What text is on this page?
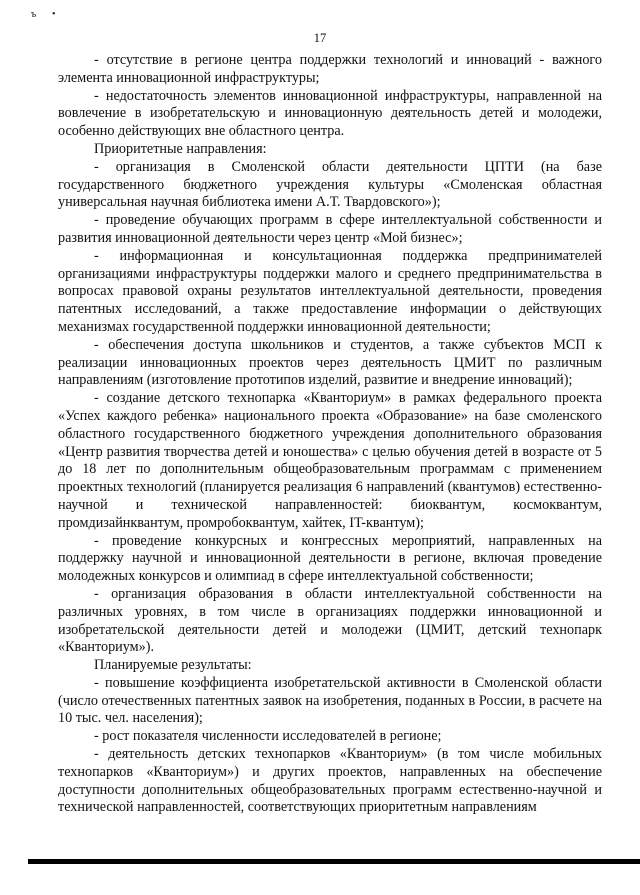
ъ •
17

- отсутствие в регионе центра поддержки технологий и инноваций - важного элемента инновационной инфраструктуры;

- недостаточность элементов инновационной инфраструктуры, направленной на вовлечение в изобретательскую и инновационную деятельность детей и молодежи, особенно действующих вне областного центра.

Приоритетные направления:

- организация в Смоленской области деятельности ЦПТИ (на базе государственного бюджетного учреждения культуры «Смоленская областная универсальная научная библиотека имени А.Т. Твардовского»);

- проведение обучающих программ в сфере интеллектуальной собственности и развития инновационной деятельности через центр «Мой бизнес»;

- информационная и консультационная поддержка предпринимателей организациями инфраструктуры поддержки малого и среднего предпринимательства в вопросах правовой охраны результатов интеллектуальной деятельности, проведения патентных исследований, а также предоставление информации о действующих механизмах государственной поддержки инновационной деятельности;

- обеспечения доступа школьников и студентов, а также субъектов МСП к реализации инновационных проектов через деятельность ЦМИТ по различным направлениям (изготовление прототипов изделий, развитие и внедрение инноваций);

- создание детского технопарка «Кванториум» в рамках федерального проекта «Успех каждого ребенка» национального проекта «Образование» на базе смоленского областного государственного бюджетного учреждения дополнительного образования «Центр развития творчества детей и юношества» с целью обучения детей в возрасте от 5 до 18 лет по дополнительным общеобразовательным программам с применением проектных технологий (планируется реализация 6 направлений (квантумов) естественно-научной и технической направленностей: биоквантум, космоквантум, промдизайнквантум, промробоквантум, хайтек, IT-квантум);

- проведение конкурсных и конгрессных мероприятий, направленных на поддержку научной и инновационной деятельности в регионе, включая проведение молодежных конкурсов и олимпиад в сфере интеллектуальной собственности;

- организация образования в области интеллектуальной собственности на различных уровнях, в том числе в организациях поддержки инновационной и изобретательской деятельности детей и молодежи (ЦМИТ, детский технопарк «Кванториум»).

Планируемые результаты:

- повышение коэффициента изобретательской активности в Смоленской области (число отечественных патентных заявок на изобретения, поданных в России, в расчете на 10 тыс. чел. населения);

- рост показателя численности исследователей в регионе;

- деятельность детских технопарков «Кванториум» (в том числе мобильных технопарков «Кванториум») и других проектов, направленных на обеспечение доступности дополнительных общеобразовательных программ естественно-научной и технической направленностей, соответствующих приоритетным направлениям
